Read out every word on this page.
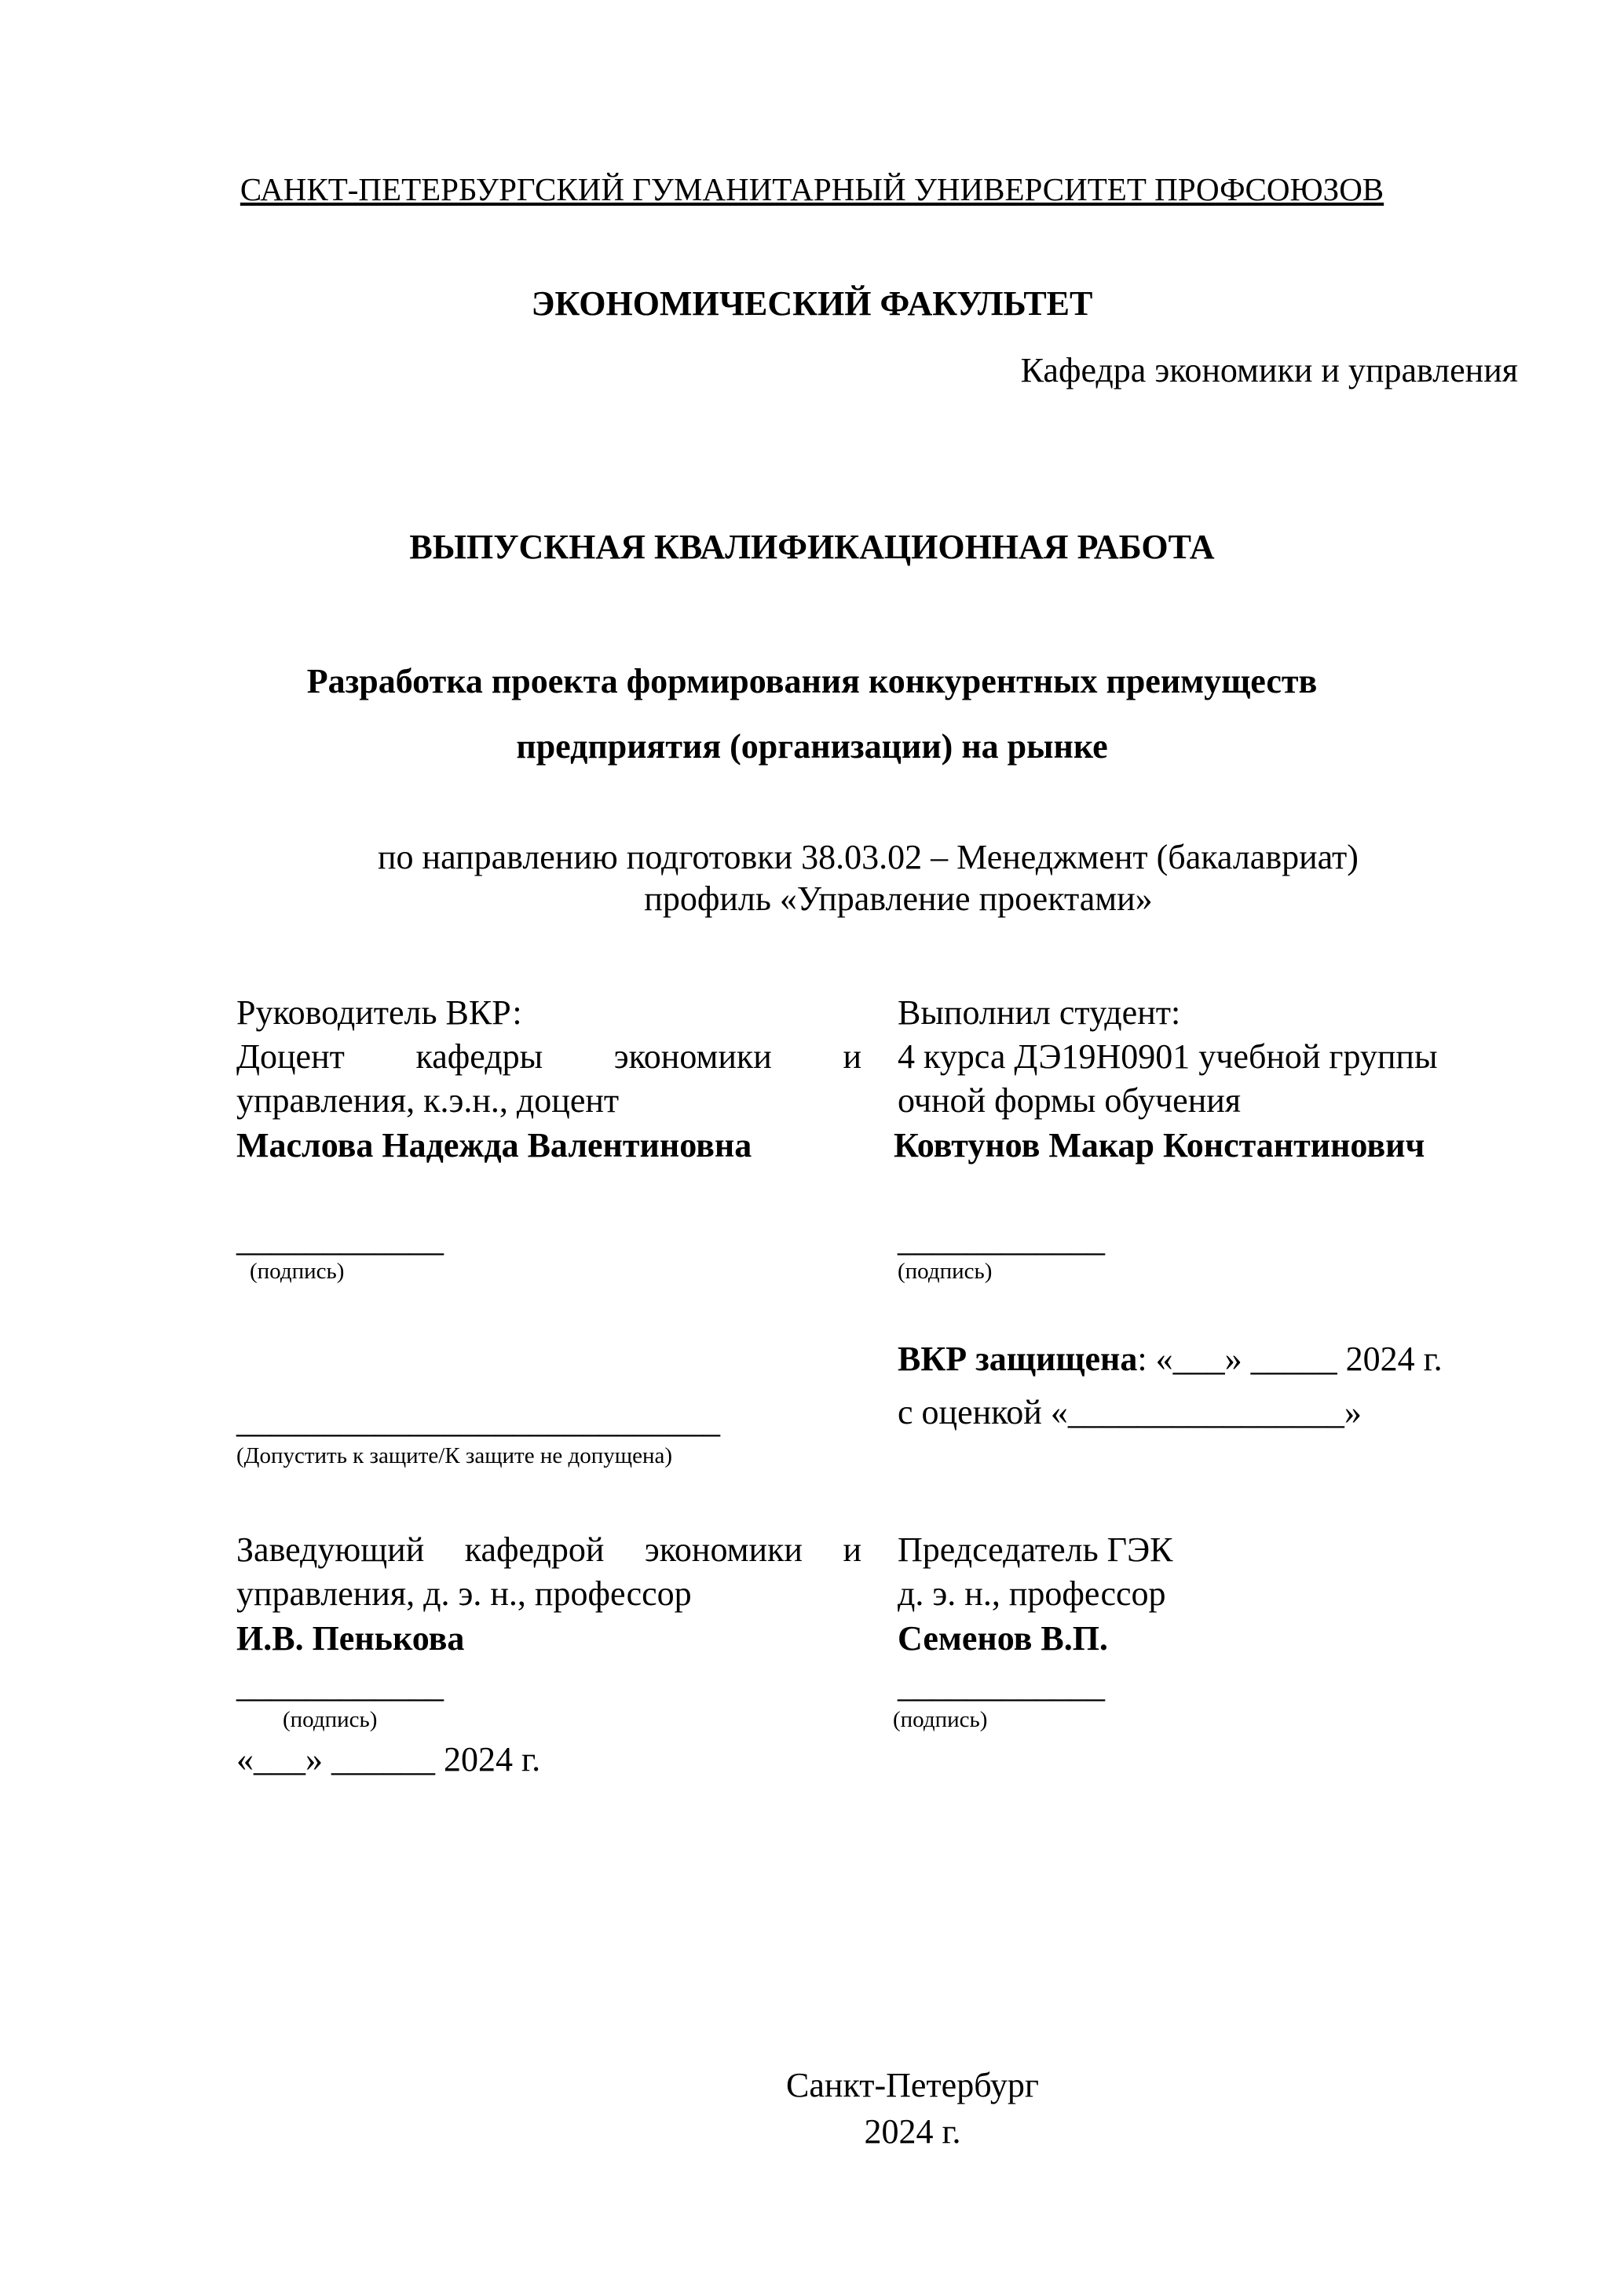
САНКТ-ПЕТЕРБУРГСКИЙ ГУМАНИТАРНЫЙ УНИВЕРСИТЕТ ПРОФСОЮЗОВ
ЭКОНОМИЧЕСКИЙ ФАКУЛЬТЕТ
Кафедра экономики и управления
ВЫПУСКНАЯ КВАЛИФИКАЦИОННАЯ РАБОТА
Разработка проекта формирования конкурентных преимуществ
предприятия (организации) на рынке
по направлению подготовки 38.03.02 – Менеджмент (бакалавриат)
профиль «Управление проектами»
Руководитель ВКР:
Доцент кафедры экономики и
управления, к.э.н., доцент
Маслова Надежда Валентиновна
____________
(подпись)
Выполнил студент:
4 курса ДЭ19Н0901 учебной группы
очной формы обучения
Ковтунов Макар Константинович
____________
(подпись)
ВКР защищена: «___» _____ 2024 г.
с оценкой «________________»
____________________________
(Допустить к защите/К защите не допущена)
Заведующий кафедрой экономики и
управления, д. э. н., профессор
И.В. Пенькова
____________
(подпись)
«___» ______ 2024 г.
Председатель ГЭК
д. э. н., профессор
Семенов В.П.
____________
(подпись)
Санкт-Петербург
2024 г.
